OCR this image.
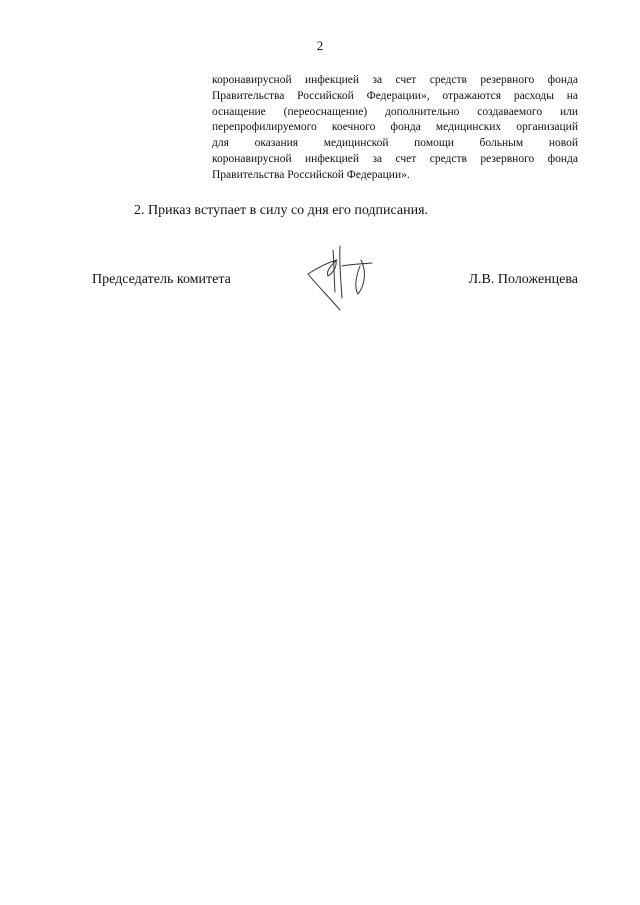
2
коронавирусной инфекцией за счет средств резервного фонда
Правительства Российской Федерации», отражаются расходы на
оснащение (переоснащение) дополнительно создаваемого или
перепрофилируемого коечного фонда медицинских организаций
для оказания медицинской помощи больным новой
коронавирусной инфекцией за счет средств резервного фонда
Правительства Российской Федерации».
2. Приказ вступает в силу со дня его подписания.
Председатель комитета	Л.В. Положенцева
